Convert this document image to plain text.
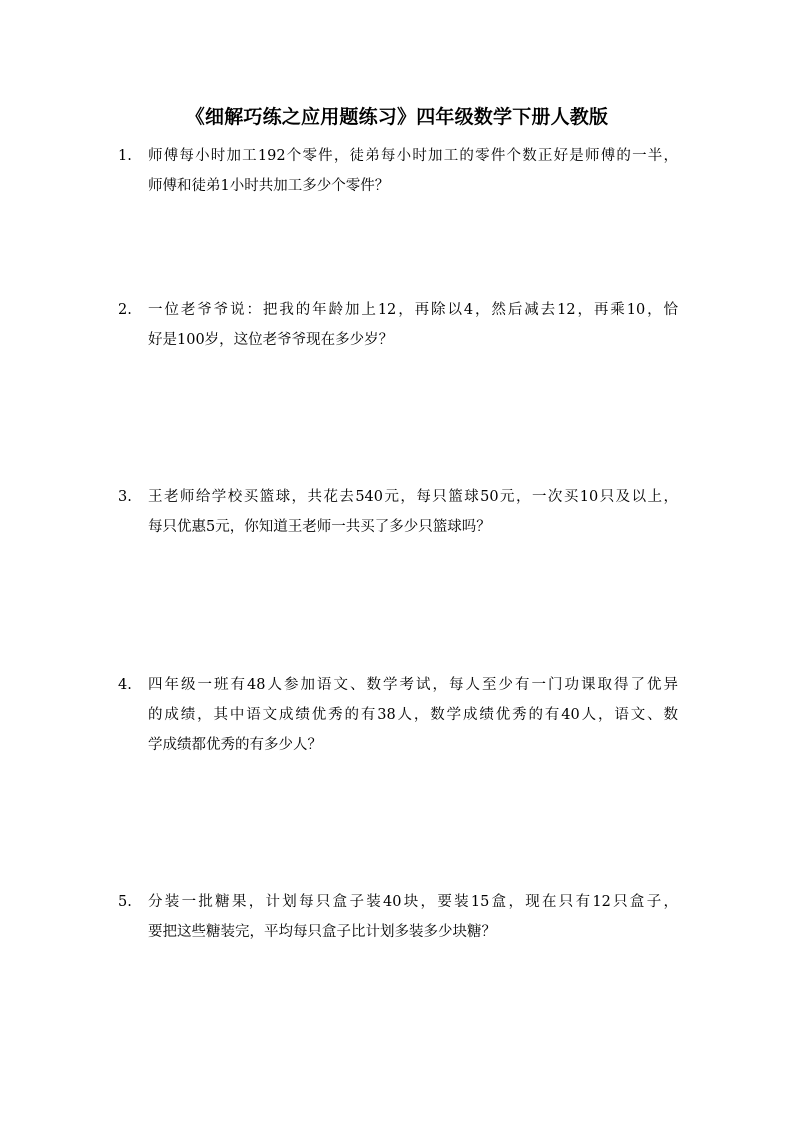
《细解巧练之应用题练习》四年级数学下册人教版
1.	师傅每小时加工192个零件，徒弟每小时加工的零件个数正好是师傅的一半，
师傅和徒弟1小时共加工多少个零件？
2.	一位老爷爷说：把我的年龄加上12，再除以4，然后减去12，再乘10，恰
好是100岁，这位老爷爷现在多少岁？
3.	王老师给学校买篮球，共花去540元，每只篮球50元，一次买10只及以上，
每只优惠5元，你知道王老师一共买了多少只篮球吗？
4.	四年级一班有48人参加语文、数学考试，每人至少有一门功课取得了优异
的成绩，其中语文成绩优秀的有38人，数学成绩优秀的有40人，语文、数
学成绩都优秀的有多少人？
5.	分装一批糖果，计划每只盒子装40块，要装15盒，现在只有12只盒子，
要把这些糖装完，平均每只盒子比计划多装多少块糖？
